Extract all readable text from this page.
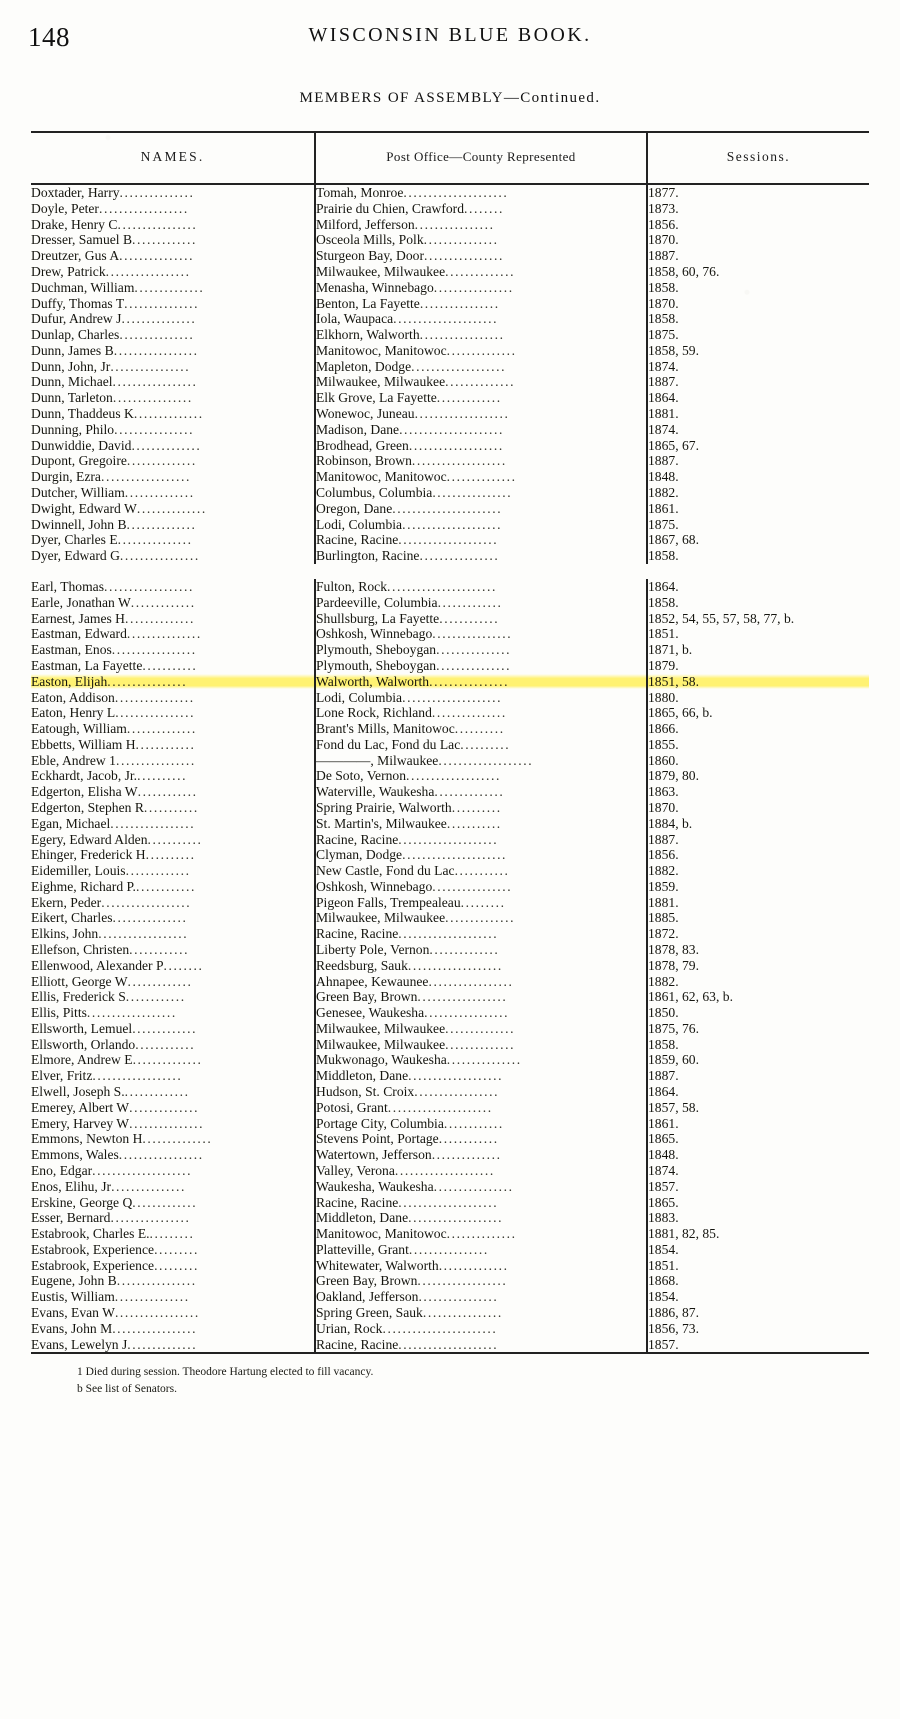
148	WISCONSIN BLUE BOOK.
MEMBERS OF ASSEMBLY—Continued.
NAMES.	Post Office—County Represented	Sessions.
Doxtader, Harry...............	Tomah, Monroe.....................	1877.
Doyle, Peter..................	Prairie du Chien, Crawford........	1873.
Drake, Henry C................	Milford, Jefferson................	1856.
Dresser, Samuel B.............	Osceola Mills, Polk...............	1870.
Dreutzer, Gus A...............	Sturgeon Bay, Door................	1887.
Drew, Patrick.................	Milwaukee, Milwaukee..............	1858, 60, 76.
Duchman, William..............	Menasha, Winnebago................	1858.
Duffy, Thomas T...............	Benton, La Fayette................	1870.
Dufur, Andrew J...............	Iola, Waupaca.....................	1858.
Dunlap, Charles...............	Elkhorn, Walworth.................	1875.
Dunn, James B.................	Manitowoc, Manitowoc..............	1858, 59.
Dunn, John, Jr................	Mapleton, Dodge...................	1874.
Dunn, Michael.................	Milwaukee, Milwaukee..............	1887.
Dunn, Tarleton................	Elk Grove, La Fayette.............	1864.
Dunn, Thaddeus K..............	Wonewoc, Juneau...................	1881.
Dunning, Philo................	Madison, Dane.....................	1874.
Dunwiddie, David..............	Brodhead, Green...................	1865, 67.
Dupont, Gregoire..............	Robinson, Brown...................	1887.
Durgin, Ezra..................	Manitowoc, Manitowoc..............	1848.
Dutcher, William..............	Columbus, Columbia................	1882.
Dwight, Edward W..............	Oregon, Dane......................	1861.
Dwinnell, John B..............	Lodi, Columbia....................	1875.
Dyer, Charles E...............	Racine, Racine....................	1867, 68.
Dyer, Edward G................	Burlington, Racine................	1858.

Earl, Thomas..................	Fulton, Rock......................	1864.
Earle, Jonathan W.............	Pardeeville, Columbia.............	1858.
Earnest, James H..............	Shullsburg, La Fayette............	1852, 54, 55, 57, 58, 77, b.
Eastman, Edward...............	Oshkosh, Winnebago................	1851.
Eastman, Enos.................	Plymouth, Sheboygan...............	1871, b.
Eastman, La Fayette...........	Plymouth, Sheboygan...............	1879.
Easton, Elijah................	Walworth, Walworth................	1851, 58.
Eaton, Addison................	Lodi, Columbia....................	1880.
Eaton, Henry L................	Lone Rock, Richland...............	1865, 66, b.
Eatough, William..............	Brant's Mills, Manitowoc..........	1866.
Ebbetts, William H............	Fond du Lac, Fond du Lac..........	1855.
Eble, Andrew 1................	————, Milwaukee...................	1860.
Eckhardt, Jacob, Jr...........	De Soto, Vernon...................	1879, 80.
Edgerton, Elisha W............	Waterville, Waukesha..............	1863.
Edgerton, Stephen R...........	Spring Prairie, Walworth..........	1870.
Egan, Michael.................	St. Martin's, Milwaukee...........	1884, b.
Egery, Edward Alden...........	Racine, Racine....................	1887.
Ehinger, Frederick H..........	Clyman, Dodge.....................	1856.
Eidemiller, Louis.............	New Castle, Fond du Lac...........	1882.
Eighme, Richard P.............	Oshkosh, Winnebago................	1859.
Ekern, Peder..................	Pigeon Falls, Trempealeau.........	1881.
Eikert, Charles...............	Milwaukee, Milwaukee..............	1885.
Elkins, John..................	Racine, Racine....................	1872.
Ellefson, Christen............	Liberty Pole, Vernon..............	1878, 83.
Ellenwood, Alexander P........	Reedsburg, Sauk...................	1878, 79.
Elliott, George W.............	Ahnapee, Kewaunee.................	1882.
Ellis, Frederick S............	Green Bay, Brown..................	1861, 62, 63, b.
Ellis, Pitts..................	Genesee, Waukesha.................	1850.
Ellsworth, Lemuel.............	Milwaukee, Milwaukee..............	1875, 76.
Ellsworth, Orlando............	Milwaukee, Milwaukee..............	1858.
Elmore, Andrew E..............	Mukwonago, Waukesha...............	1859, 60.
Elver, Fritz..................	Middleton, Dane...................	1887.
Elwell, Joseph S..............	Hudson, St. Croix.................	1864.
Emerey, Albert W..............	Potosi, Grant.....................	1857, 58.
Emery, Harvey W...............	Portage City, Columbia............	1861.
Emmons, Newton H..............	Stevens Point, Portage............	1865.
Emmons, Wales.................	Watertown, Jefferson..............	1848.
Eno, Edgar....................	Valley, Verona....................	1874.
Enos, Elihu, Jr...............	Waukesha, Waukesha................	1857.
Erskine, George Q.............	Racine, Racine....................	1865.
Esser, Bernard................	Middleton, Dane...................	1883.
Estabrook, Charles E..........	Manitowoc, Manitowoc..............	1881, 82, 85.
Estabrook, Experience.........	Platteville, Grant................	1854.
Estabrook, Experience.........	Whitewater, Walworth..............	1851.
Eugene, John B................	Green Bay, Brown..................	1868.
Eustis, William...............	Oakland, Jefferson................	1854.
Evans, Evan W.................	Spring Green, Sauk................	1886, 87.
Evans, John M.................	Urian, Rock.......................	1856, 73.
Evans, Lewelyn J..............	Racine, Racine....................	1857.
1 Died during session. Theodore Hartung elected to fill vacancy.
b See list of Senators.
